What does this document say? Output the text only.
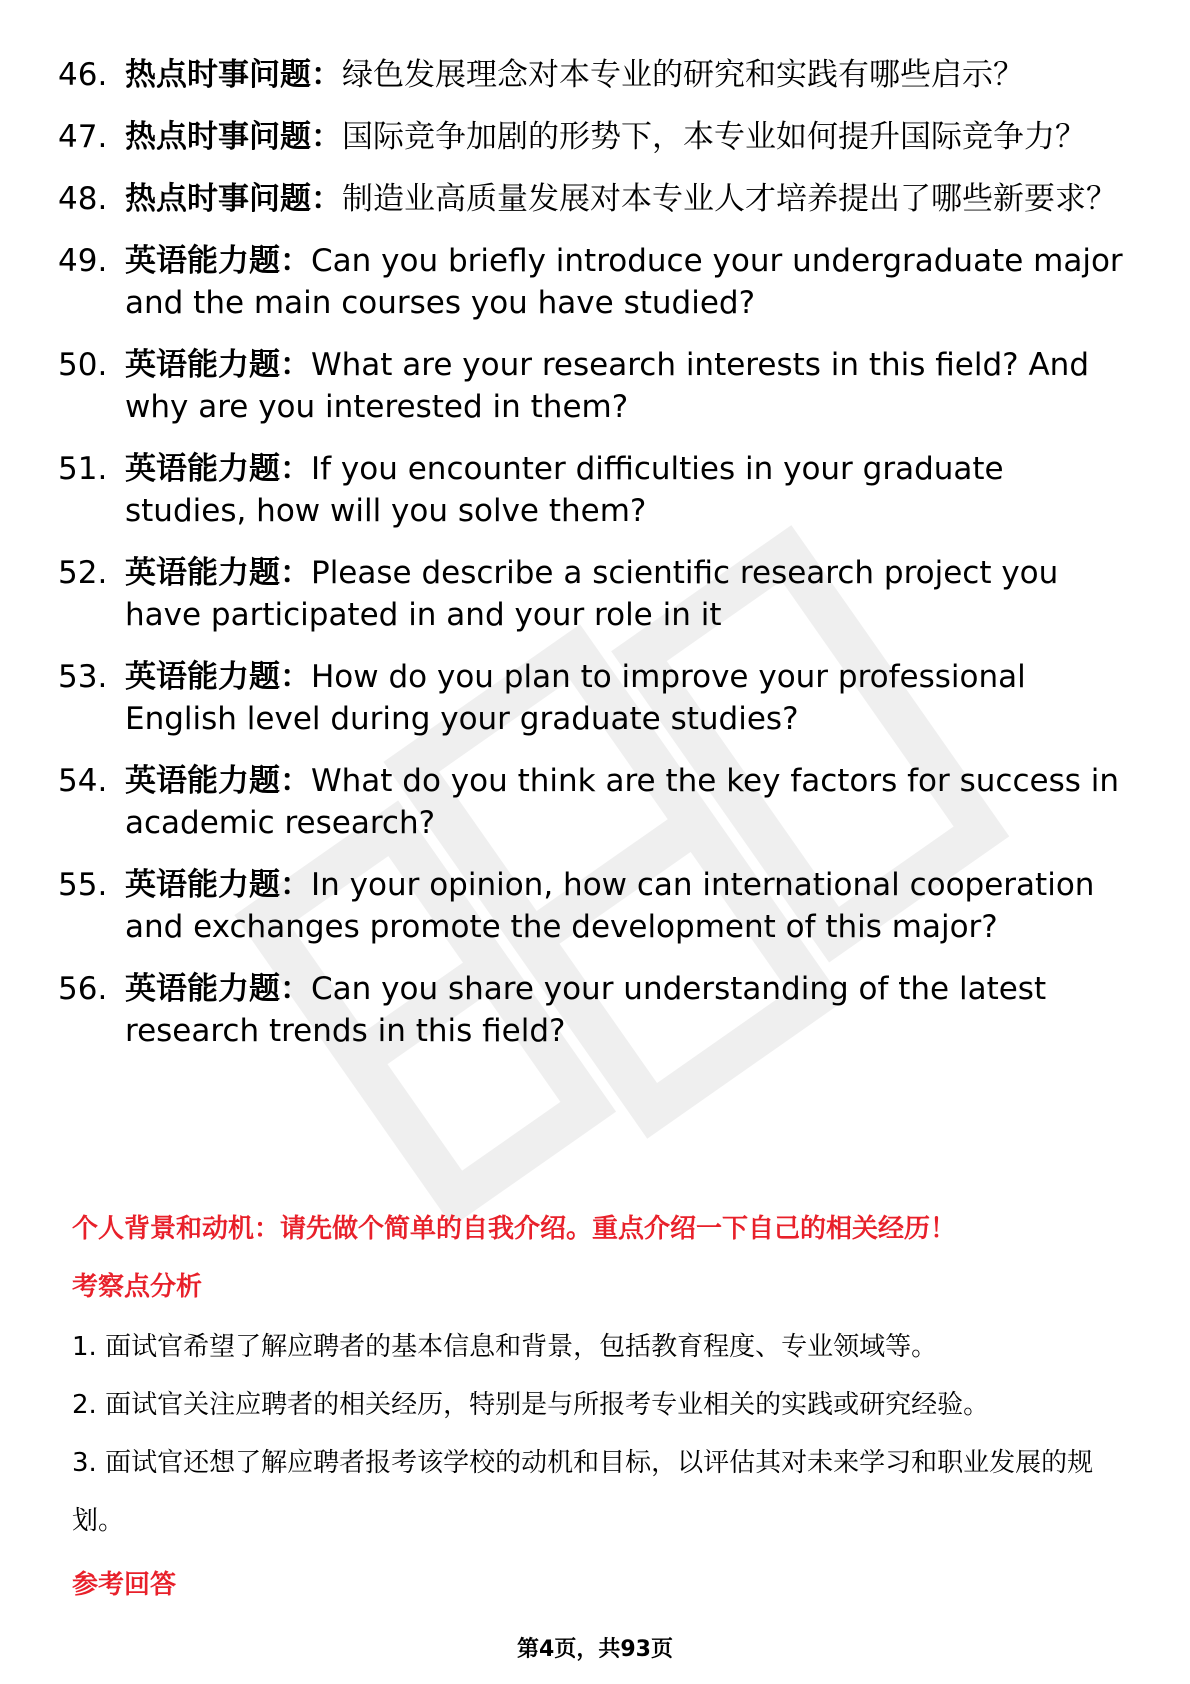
46. 热点时事问题：绿色发展理念对本专业的研究和实践有哪些启示？
47. 热点时事问题：国际竞争加剧的形势下，本专业如何提升国际竞争力？
48. 热点时事问题：制造业高质量发展对本专业人才培养提出了哪些新要求？
49. 英语能力题：Can you briefly introduce your undergraduate major and the main courses you have studied?
50. 英语能力题：What are your research interests in this field? And why are you interested in them?
51. 英语能力题：If you encounter difficulties in your graduate studies, how will you solve them?
52. 英语能力题：Please describe a scientific research project you have participated in and your role in it
53. 英语能力题：How do you plan to improve your professional English level during your graduate studies?
54. 英语能力题：What do you think are the key factors for success in academic research?
55. 英语能力题：In your opinion, how can international cooperation and exchanges promote the development of this major?
56. 英语能力题：Can you share your understanding of the latest research trends in this field?
个人背景和动机：请先做个简单的自我介绍。重点介绍一下自己的相关经历！
考察点分析

1. 面试官希望了解应聘者的基本信息和背景，包括教育程度、专业领域等。

2. 面试官关注应聘者的相关经历，特别是与所报考专业相关的实践或研究经验。

3. 面试官还想了解应聘者报考该学校的动机和目标，以评估其对未来学习和职业发展的规划。

参考回答
第4页，共93页
